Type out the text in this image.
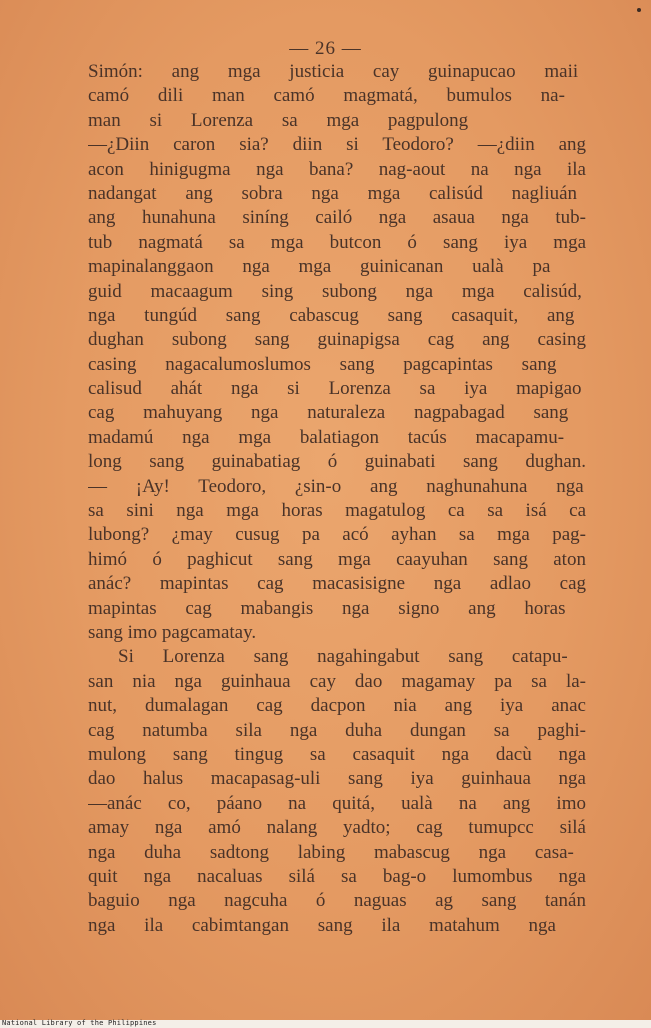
— 26 —
Simón: ang mga justicia cay guinapucao maii
camó dili man camó magmatá, bumulos na-
man si Lorenza sa mga pagpulong
—¿Diin caron sia? diin si Teodoro? —¿diin ang
acon hinigugma nga bana? nag-aout na nga ila
nadangat ang sobra nga mga calisúd nagliuán
ang hunahuna siníng cailó nga asaua nga tub-
tub nagmatá sa mga butcon ó sang iya mga
mapinalanggaon nga mga guinicanan ualà pa
guid macaagum sing subong nga mga calisúd,
nga tungúd sang cabascug sang casaquit, ang
dughan subong sang guinapigsa cag ang casing
casing nagacalumoslumos sang pagcapintas sang
calisud ahát nga si Lorenza sa iya mapigao
cag mahuyang nga naturaleza nagpabagad sang
madamú nga mga balatiagon tacús macapamu-
long sang guinabatiag ó guinabati sang dughan.
— ¡Ay! Teodoro, ¿sin-o ang naghunahuna nga
sa sini nga mga horas magatulog ca sa isá ca
lubong? ¿may cusug pa acó ayhan sa mga pag-
himó ó paghicut sang mga caayuhan sang aton
anác? mapintas cag macasisigne nga adlao cag
mapintas cag mabangis nga signo ang horas
sang imo pagcamatay.
Si Lorenza sang nagahingabut sang catapu-
san nia nga guinhaua cay dao magamay pa sa la-
nut, dumalagan cag dacpon nia ang iya anac
cag natumba sila nga duha dungan sa paghi-
mulong sang tingug sa casaquit nga dacù nga
dao halus macapasag-uli sang iya guinhaua nga
—anác co, páano na quitá, ualà na ang imo
amay nga amó nalang yadto; cag tumupcc silá
nga duha sadtong labing mabascug nga casa-
quit nga nacaluas silá sa bag-o lumombus nga
baguio nga nagcuha ó naguas ag sang tanán
nga ila cabimtangan sang ila matahum nga
National Library of the Philippines
